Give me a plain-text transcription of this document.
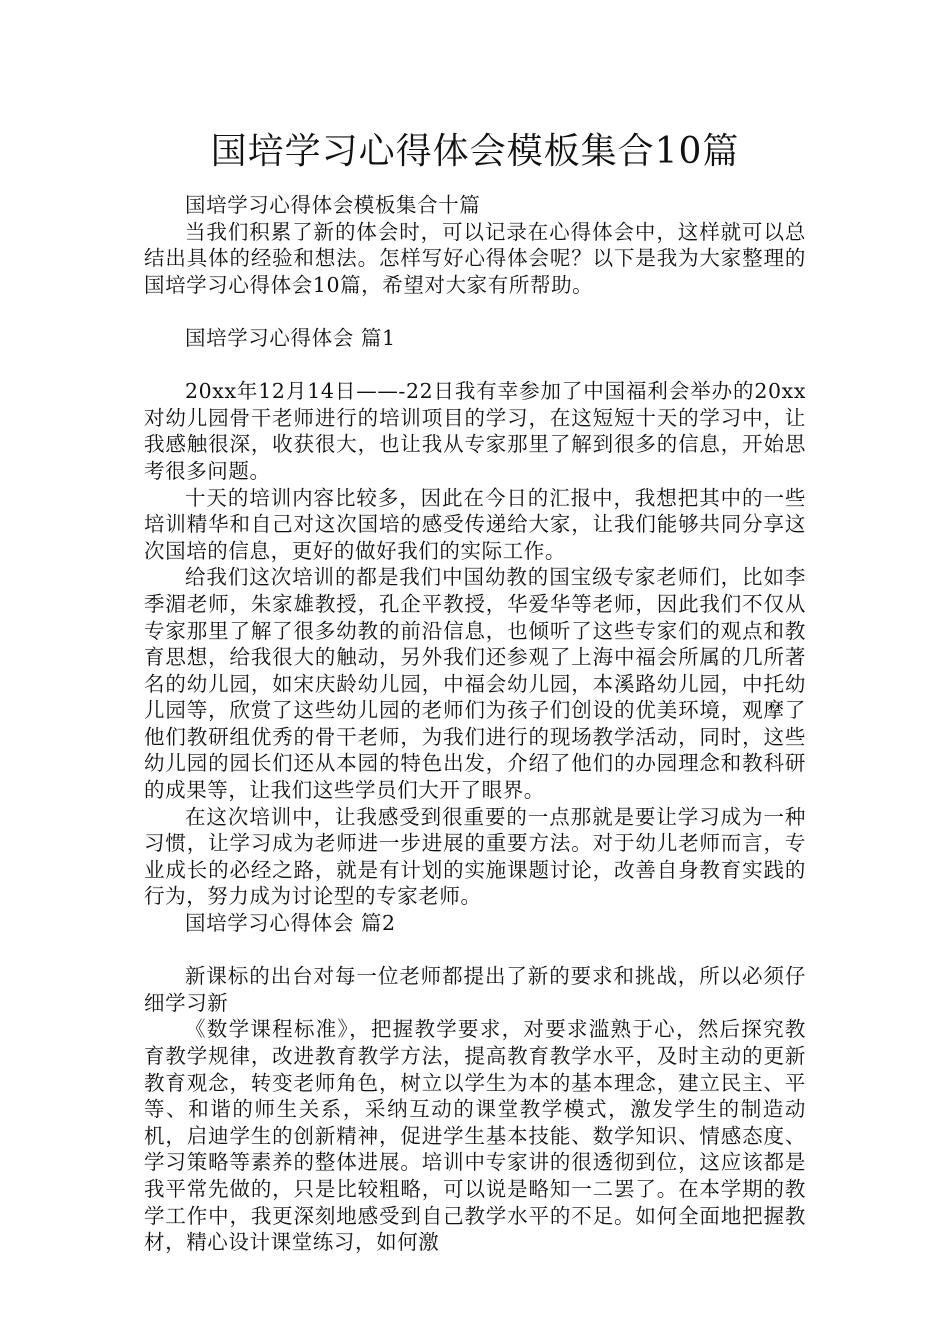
国培学习心得体会模板集合10篇

国培学习心得体会模板集合十篇

当我们积累了新的体会时，可以记录在心得体会中，这样就可以总结出具体的经验和想法。怎样写好心得体会呢？以下是我为大家整理的国培学习心得体会10篇，希望对大家有所帮助。

国培学习心得体会 篇1

20xx年12月14日——-22日我有幸参加了中国福利会举办的20xx对幼儿园骨干老师进行的培训项目的学习，在这短短十天的学习中，让我感触很深，收获很大，也让我从专家那里了解到很多的信息，开始思考很多问题。

十天的培训内容比较多，因此在今日的汇报中，我想把其中的一些培训精华和自己对这次国培的感受传递给大家，让我们能够共同分享这次国培的信息，更好的做好我们的实际工作。

给我们这次培训的都是我们中国幼教的国宝级专家老师们，比如李季湄老师，朱家雄教授，孔企平教授，华爱华等老师，因此我们不仅从专家那里了解了很多幼教的前沿信息，也倾听了这些专家们的观点和教育思想，给我很大的触动，另外我们还参观了上海中福会所属的几所著名的幼儿园，如宋庆龄幼儿园，中福会幼儿园，本溪路幼儿园，中托幼儿园等，欣赏了这些幼儿园的老师们为孩子们创设的优美环境，观摩了他们教研组优秀的骨干老师，为我们进行的现场教学活动，同时，这些幼儿园的园长们还从本园的特色出发，介绍了他们的办园理念和教科研的成果等，让我们这些学员们大开了眼界。

在这次培训中，让我感受到很重要的一点那就是要让学习成为一种习惯，让学习成为老师进一步进展的重要方法。对于幼儿老师而言，专业成长的必经之路，就是有计划的实施课题讨论，改善自身教育实践的行为，努力成为讨论型的专家老师。

国培学习心得体会 篇2

新课标的出台对每一位老师都提出了新的要求和挑战，所以必须仔细学习新

《数学课程标准》，把握教学要求，对要求滥熟于心，然后探究教育教学规律，改进教育教学方法，提高教育教学水平，及时主动的更新教育观念，转变老师角色，树立以学生为本的基本理念，建立民主、平等、和谐的师生关系，采纳互动的课堂教学模式，激发学生的制造动机，启迪学生的创新精神，促进学生基本技能、数学知识、情感态度、学习策略等素养的整体进展。培训中专家讲的很透彻到位，这应该都是我平常先做的，只是比较粗略，可以说是略知一二罢了。在本学期的教学工作中，我更深刻地感受到自己教学水平的不足。如何全面地把握教材，精心设计课堂练习，如何激
